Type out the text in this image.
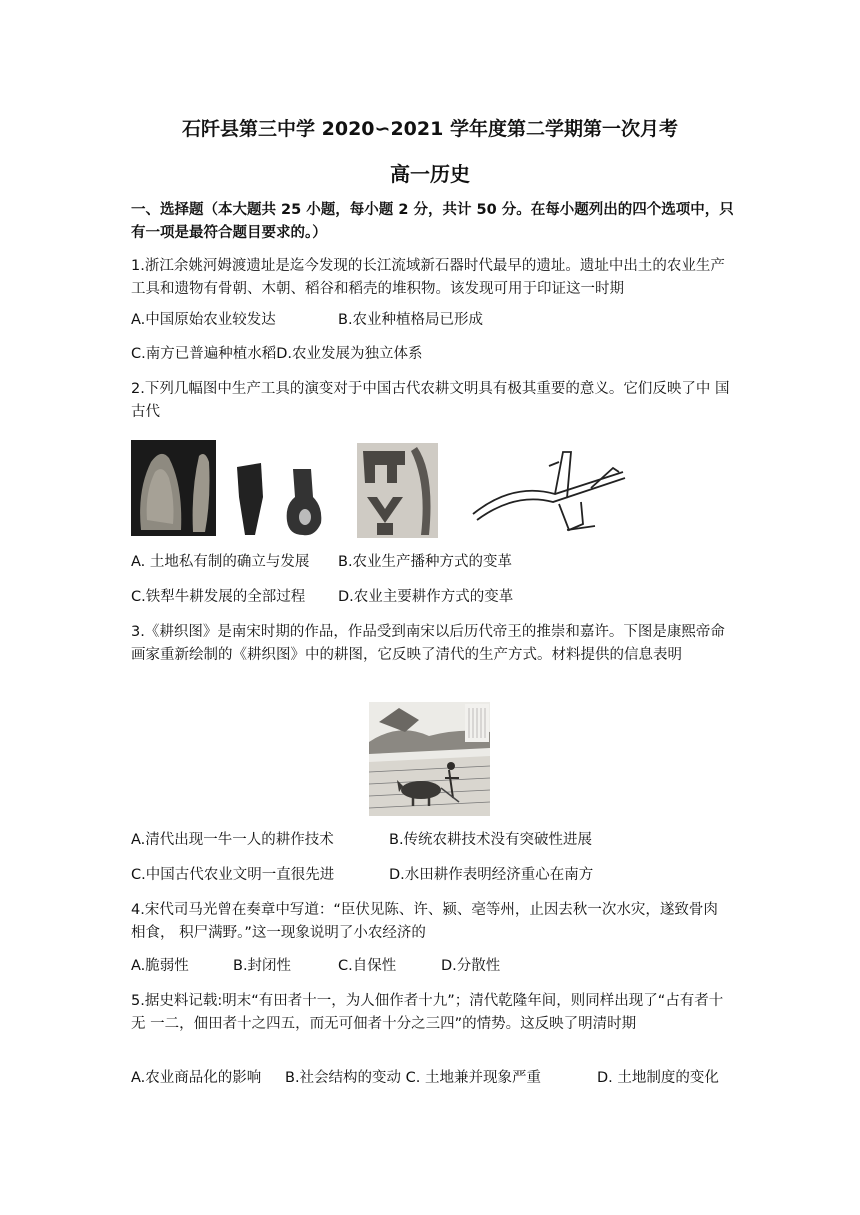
石阡县第三中学 2020∽2021 学年度第二学期第一次月考
高一历史
一、选择题（本大题共 25 小题，每小题 2 分，共计 50 分。在每小题列出的四个选项中，只有一项是最符合题目要求的。）
1.浙江余姚河姆渡遗址是迄今发现的长江流域新石器时代最早的遗址。遗址中出土的农业生产工具和遗物有骨朝、木朝、稻谷和稻壳的堆积物。该发现可用于印证这一时期
A.中国原始农业较发达	B.农业种植格局已形成
C.南方已普遍种植水稻D.农业发展为独立体系
2.下列几幅图中生产工具的演变对于中国古代农耕文明具有极其重要的意义。它们反映了中 国古代
A. 土地私有制的确立与发展 B.农业生产播种方式的变革
C.铁犁牛耕发展的全部过程 D.农业主要耕作方式的变革
3.《耕织图》是南宋时期的作品，作品受到南宋以后历代帝王的推崇和嘉许。下图是康熙帝命画家重新绘制的《耕织图》中的耕图，它反映了清代的生产方式。材料提供的信息表明
A.清代出现一牛一人的耕作技术	B.传统农耕技术没有突破性进展
C.中国古代农业文明一直很先进	D.水田耕作表明经济重心在南方
4.宋代司马光曾在奏章中写道：“臣伏见陈、许、颍、亳等州，止因去秋一次水灾，遂致骨肉相食， 积尸满野。”这一现象说明了小农经济的
A.脆弱性	B.封闭性	C.自保性	D.分散性
5.据史料记载:明末“有田者十一，为人佃作者十九”；清代乾隆年间，则同样出现了“占有者十无 一二，佃田者十之四五，而无可佃者十分之三四”的情势。这反映了明清时期
A.农业商品化的影响 B.社会结构的变动 C. 土地兼并现象严重	D. 土地制度的变化
